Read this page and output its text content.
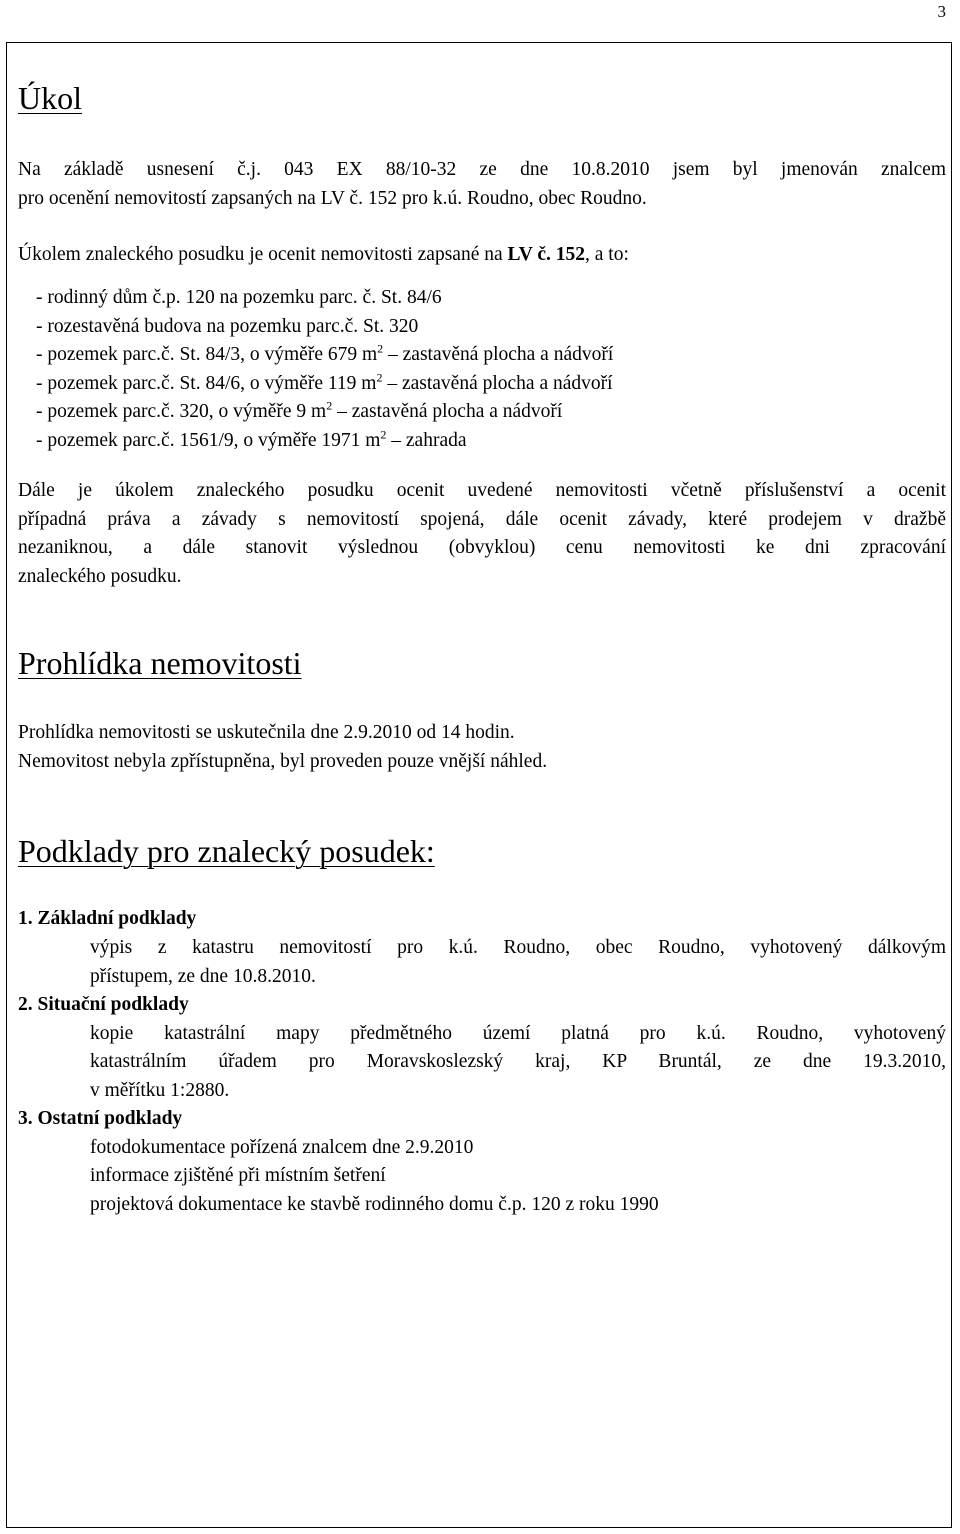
3
Úkol
Na základě usnesení č.j. 043 EX 88/10-32 ze dne 10.8.2010 jsem byl jmenován znalcem
pro ocenění nemovitostí zapsaných na LV č. 152 pro k.ú. Roudno, obec Roudno.
Úkolem znaleckého posudku je ocenit nemovitosti zapsané na LV č. 152, a to:
- rodinný dům č.p. 120 na pozemku parc. č. St. 84/6
- rozestavěná budova na pozemku parc.č. St. 320
- pozemek parc.č. St. 84/3, o výměře 679 $m^2$ – zastavěná plocha a nádvoří
- pozemek parc.č. St. 84/6, o výměře 119 $m^2$ – zastavěná plocha a nádvoří
- pozemek parc.č. 320, o výměře 9 $m^2$ – zastavěná plocha a nádvoří
- pozemek parc.č. 1561/9, o výměře 1971 $m^2$ – zahrada
Dále je úkolem znaleckého posudku ocenit uvedené nemovitosti včetně příslušenství a ocenit
případná práva a závady s nemovitostí spojená, dále ocenit závady, které prodejem v dražbě
nezaniknou, a dále stanovit výslednou (obvyklou) cenu nemovitosti ke dni zpracování
znaleckého posudku.
Prohlídka nemovitosti
Prohlídka nemovitosti se uskutečnila dne 2.9.2010 od 14 hodin.
Nemovitost nebyla zpřístupněna, byl proveden pouze vnější náhled.
Podklady pro znalecký posudek:
1. Základní podklady
výpis z katastru nemovitostí pro k.ú. Roudno, obec Roudno, vyhotovený dálkovým
přístupem, ze dne 10.8.2010.
2. Situační podklady
kopie katastrální mapy předmětného území platná pro k.ú. Roudno, vyhotovený
katastrálním úřadem pro Moravskoslezský kraj, KP Bruntál, ze dne 19.3.2010,
v měřítku 1:2880.
3. Ostatní podklady
fotodokumentace pořízená znalcem dne 2.9.2010
informace zjištěné při místním šetření
projektová dokumentace ke stavbě rodinného domu č.p. 120 z roku 1990
